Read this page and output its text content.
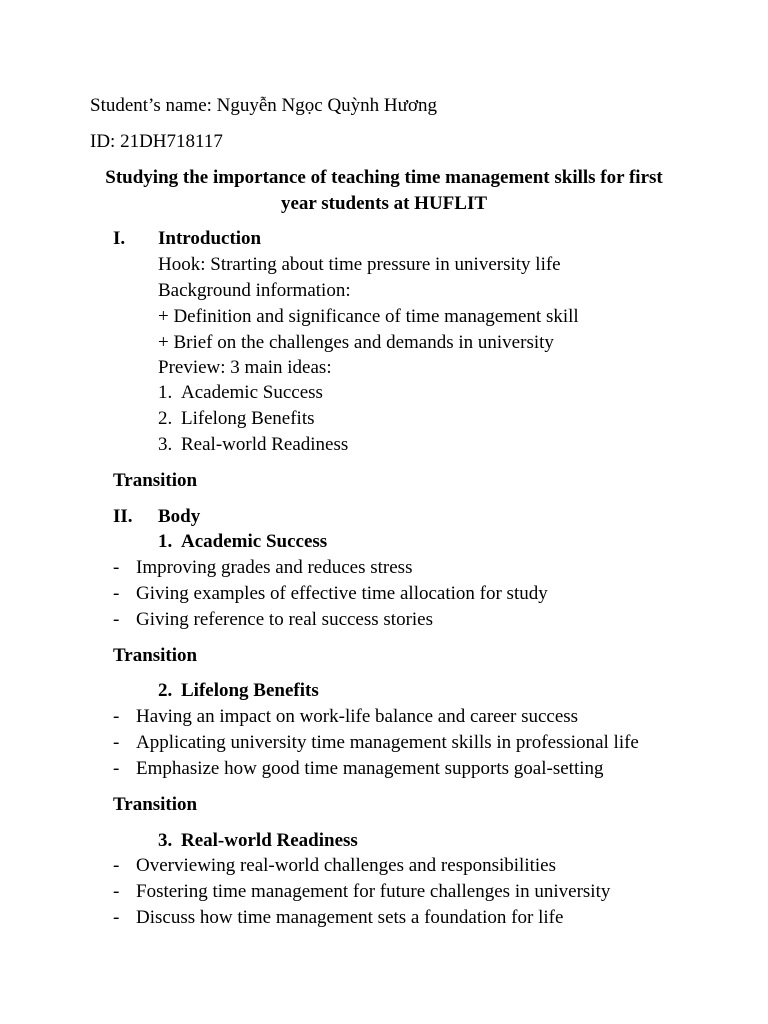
Student’s name: Nguyễn Ngọc Quỳnh Hương
ID: 21DH718117
Studying the importance of teaching time management skills for first year students at HUFLIT
I. Introduction
Hook: Strarting about time pressure in university life
Background information:
+ Definition and significance of time management skill
+ Brief on the challenges and demands in university
Preview: 3 main ideas:
1. Academic Success
2. Lifelong Benefits
3. Real-world Readiness
Transition
II. Body
1. Academic Success
- Improving grades and reduces stress
- Giving examples of effective time allocation for study
- Giving reference to real success stories
Transition
2. Lifelong Benefits
- Having an impact on work-life balance and career success
- Applicating university time management skills in professional life
- Emphasize how good time management supports goal-setting
Transition
3. Real-world Readiness
- Overviewing real-world challenges and responsibilities
- Fostering time management for future challenges in university
- Discuss how time management sets a foundation for life
